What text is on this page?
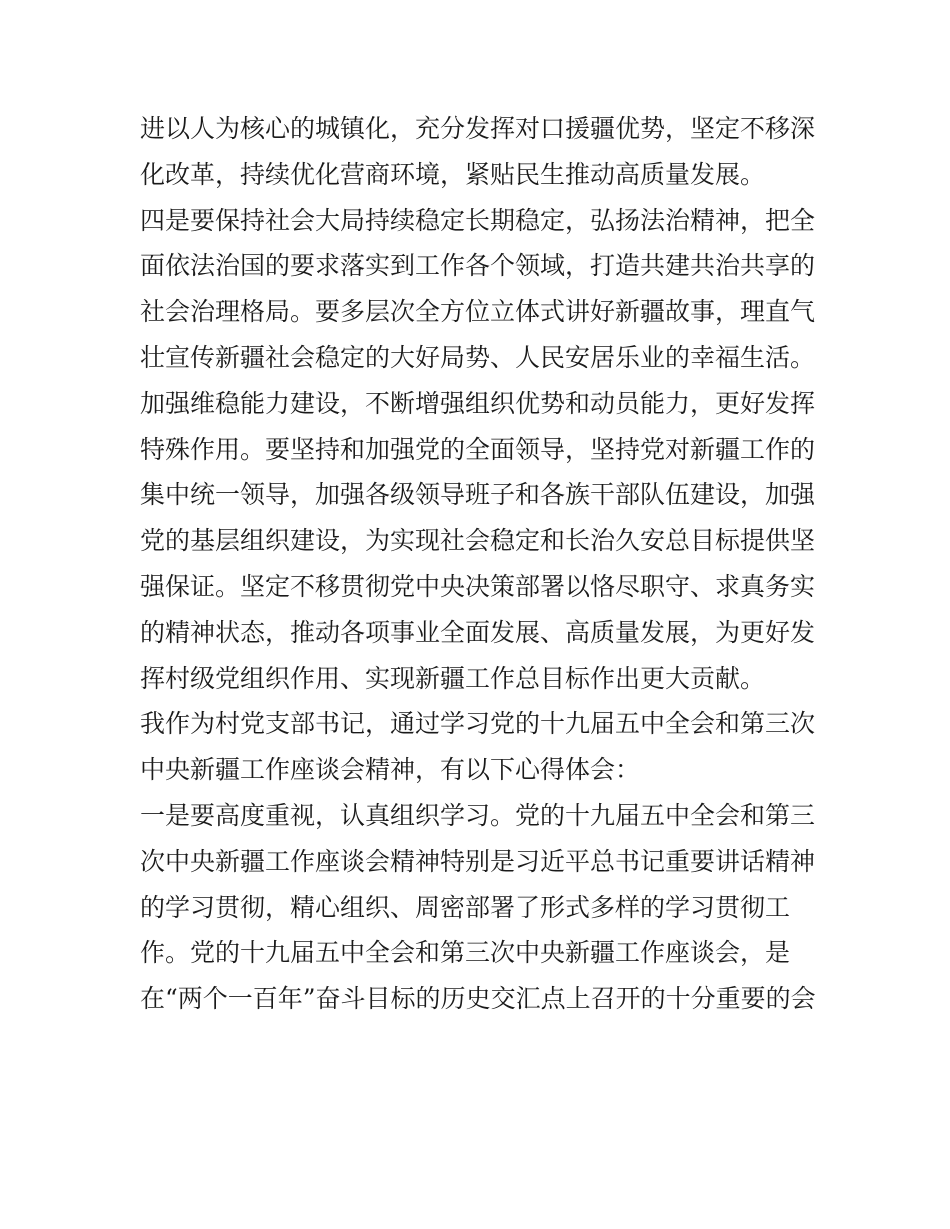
进以人为核心的城镇化，充分发挥对口援疆优势，坚定不移深
化改革，持续优化营商环境，紧贴民生推动高质量发展。
四是要保持社会大局持续稳定长期稳定，弘扬法治精神，把全
面依法治国的要求落实到工作各个领域，打造共建共治共享的
社会治理格局。要多层次全方位立体式讲好新疆故事，理直气
壮宣传新疆社会稳定的大好局势、人民安居乐业的幸福生活。
加强维稳能力建设，不断增强组织优势和动员能力，更好发挥
特殊作用。要坚持和加强党的全面领导，坚持党对新疆工作的
集中统一领导，加强各级领导班子和各族干部队伍建设，加强
党的基层组织建设，为实现社会稳定和长治久安总目标提供坚
强保证。坚定不移贯彻党中央决策部署以恪尽职守、求真务实
的精神状态，推动各项事业全面发展、高质量发展，为更好发
挥村级党组织作用、实现新疆工作总目标作出更大贡献。
我作为村党支部书记，通过学习党的十九届五中全会和第三次
中央新疆工作座谈会精神，有以下心得体会：
一是要高度重视，认真组织学习。党的十九届五中全会和第三
次中央新疆工作座谈会精神特别是习近平总书记重要讲话精神
的学习贯彻，精心组织、周密部署了形式多样的学习贯彻工
作。党的十九届五中全会和第三次中央新疆工作座谈会，是
在“两个一百年”奋斗目标的历史交汇点上召开的十分重要的会
